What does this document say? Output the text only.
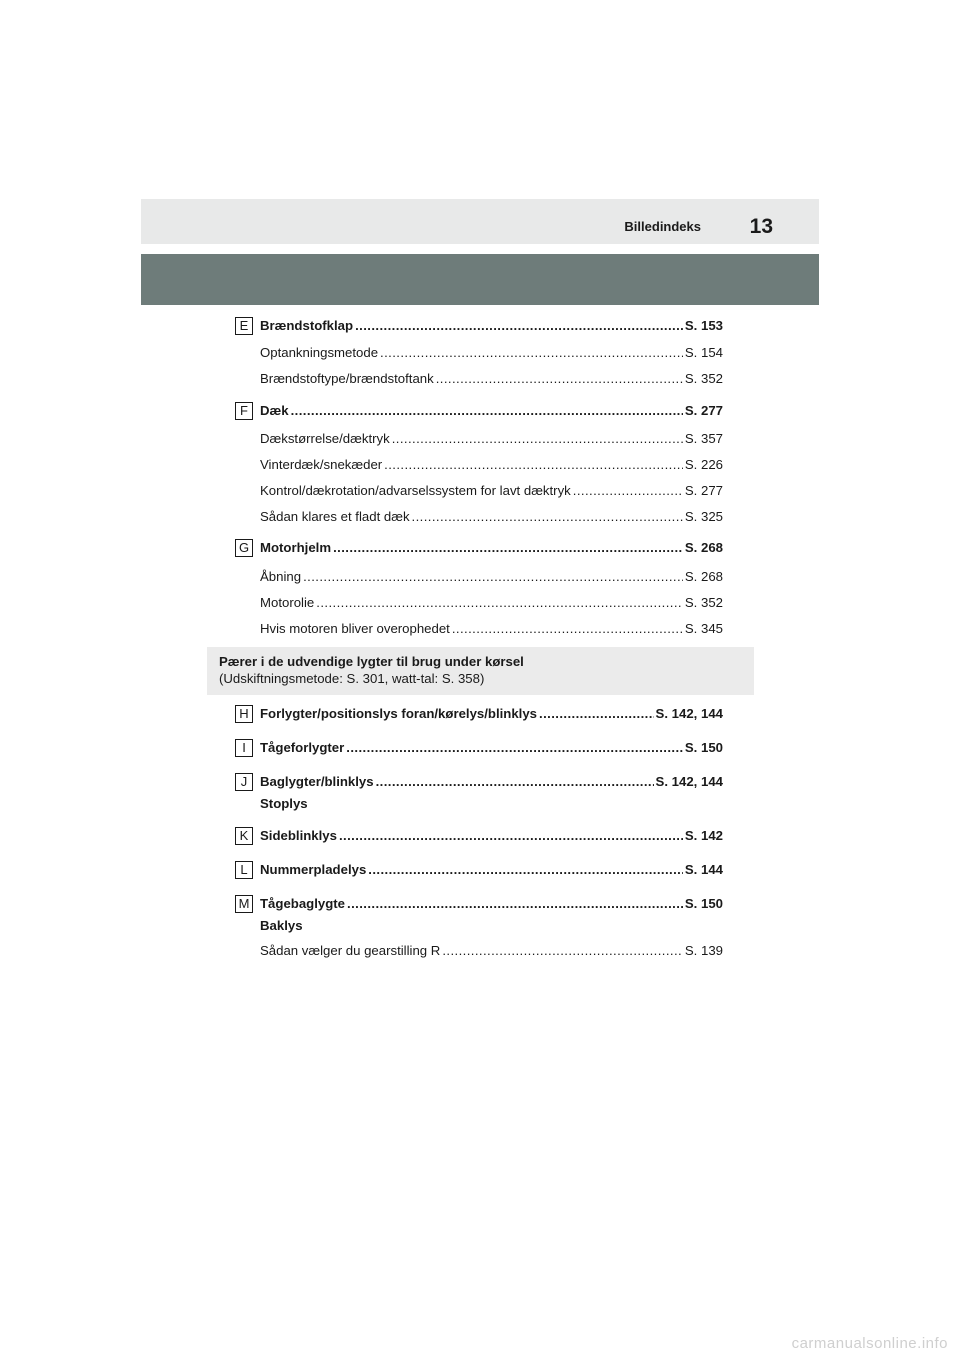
Billedindeks 13
E Brændstofklap .....	S. 153
Optankningsmetode .....	S. 154
Brændstoftype/brændstoftank .....	S. 352
F Dæk .....	S. 277
Dækstørrelse/dæktryk .....	S. 357
Vinterdæk/snekæder .....	S. 226
Kontrol/dækrotation/advarselssystem for lavt dæktryk .....	S. 277
Sådan klares et fladt dæk .....	S. 325
G Motorhjelm .....	S. 268
Åbning .....	S. 268
Motorolie .....	S. 352
Hvis motoren bliver overophedet .....	S. 345
Pærer i de udvendige lygter til brug under kørsel
(Udskiftningsmetode: S. 301, watt-tal: S. 358)
H Forlygter/positionslys foran/kørelys/blinklys .....	S. 142, 144
I	Tågeforlygter .....	S. 150
J Baglygter/blinklys .....	S. 142, 144
Stoplys
K Sideblinklys .....	S. 142
L Nummerpladelys .....	S. 144
M Tågebaglygte .....	S. 150
Baklys
Sådan vælger du gearstilling R .....	S. 139
carmanualsonline.info
